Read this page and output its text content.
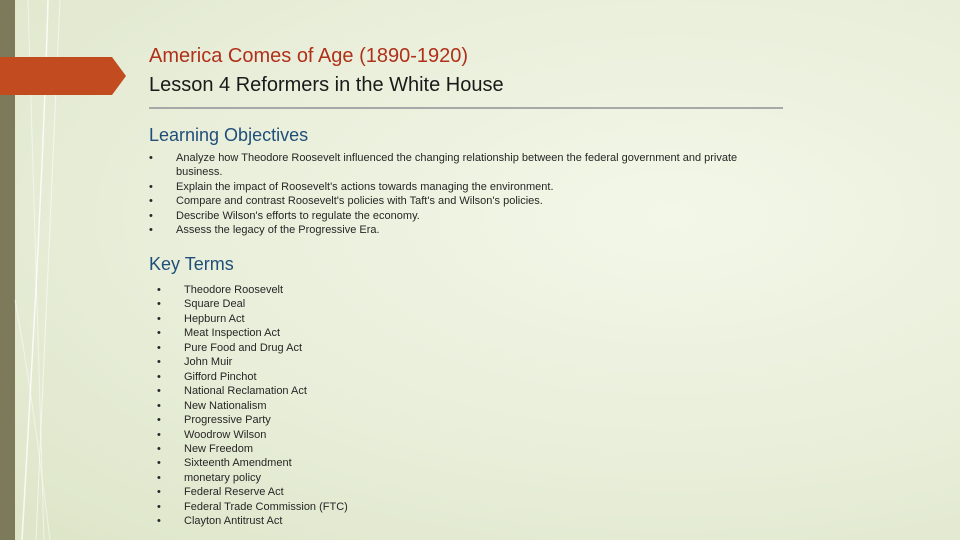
America Comes of Age (1890-1920)
Lesson 4 Reformers in the White House
Learning Objectives
• Analyze how Theodore Roosevelt influenced the changing relationship between the federal government and private business.
• Explain the impact of Roosevelt's actions towards managing the environment.
• Compare and contrast Roosevelt's policies with Taft's and Wilson's policies.
• Describe Wilson's efforts to regulate the economy.
• Assess the legacy of the Progressive Era.
Key Terms
• Theodore Roosevelt
• Square Deal
• Hepburn Act
• Meat Inspection Act
• Pure Food and Drug Act
• John Muir
• Gifford Pinchot
• National Reclamation Act
• New Nationalism
• Progressive Party
• Woodrow Wilson
• New Freedom
• Sixteenth Amendment
• monetary policy
• Federal Reserve Act
• Federal Trade Commission (FTC)
• Clayton Antitrust Act
